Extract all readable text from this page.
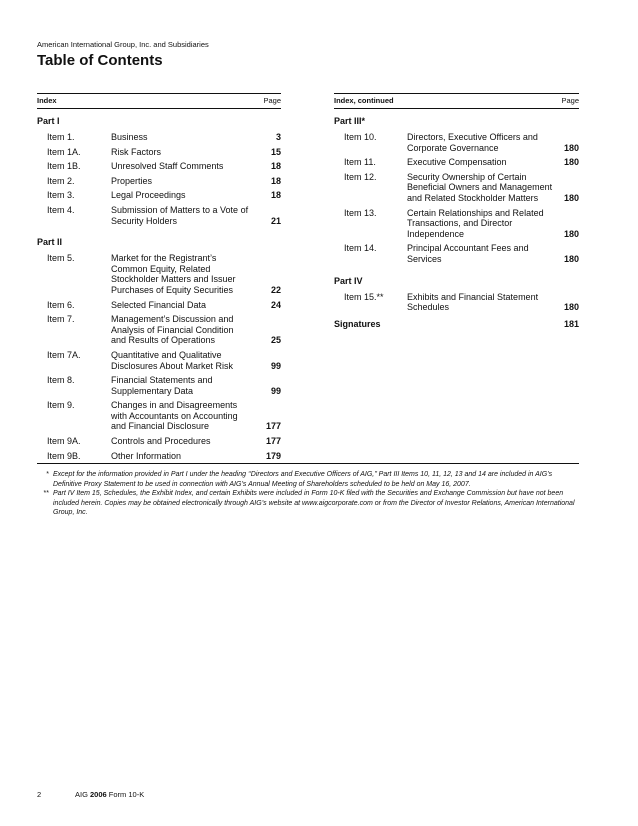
American International Group, Inc. and Subsidiaries
Table of Contents
Index	Page
Part I
Item 1.	Business	3
Item 1A.	Risk Factors	15
Item 1B.	Unresolved Staff Comments	18
Item 2.	Properties	18
Item 3.	Legal Proceedings	18
Item 4.	Submission of Matters to a Vote of Security Holders	21
Part II
Item 5.	Market for the Registrant’s Common Equity, Related Stockholder Matters and Issuer Purchases of Equity Securities	22
Item 6.	Selected Financial Data	24
Item 7.	Management’s Discussion and Analysis of Financial Condition and Results of Operations	25
Item 7A.	Quantitative and Qualitative Disclosures About Market Risk	99
Item 8.	Financial Statements and Supplementary Data	99
Item 9.	Changes in and Disagreements with Accountants on Accounting and Financial Disclosure	177
Item 9A.	Controls and Procedures	177
Item 9B.	Other Information	179
Index, continued	Page
Part III*
Item 10.	Directors, Executive Officers and Corporate Governance	180
Item 11.	Executive Compensation	180
Item 12.	Security Ownership of Certain Beneficial Owners and Management and Related Stockholder Matters	180
Item 13.	Certain Relationships and Related Transactions, and Director Independence	180
Item 14.	Principal Accountant Fees and Services	180
Part IV
Item 15.**	Exhibits and Financial Statement Schedules	180
Signatures	181
* Except for the information provided in Part I under the heading ‘‘Directors and Executive Officers of AIG,’’ Part III Items 10, 11, 12, 13 and 14 are included in AIG’s Definitive Proxy Statement to be used in connection with AIG’s Annual Meeting of Shareholders scheduled to be held on May 16, 2007.
** Part IV Item 15, Schedules, the Exhibit Index, and certain Exhibits were included in Form 10-K filed with the Securities and Exchange Commission but have not been included herein. Copies may be obtained electronically through AIG’s website at www.aigcorporate.com or from the Director of Investor Relations, American International Group, Inc.
2	AIG 2006 Form 10-K
